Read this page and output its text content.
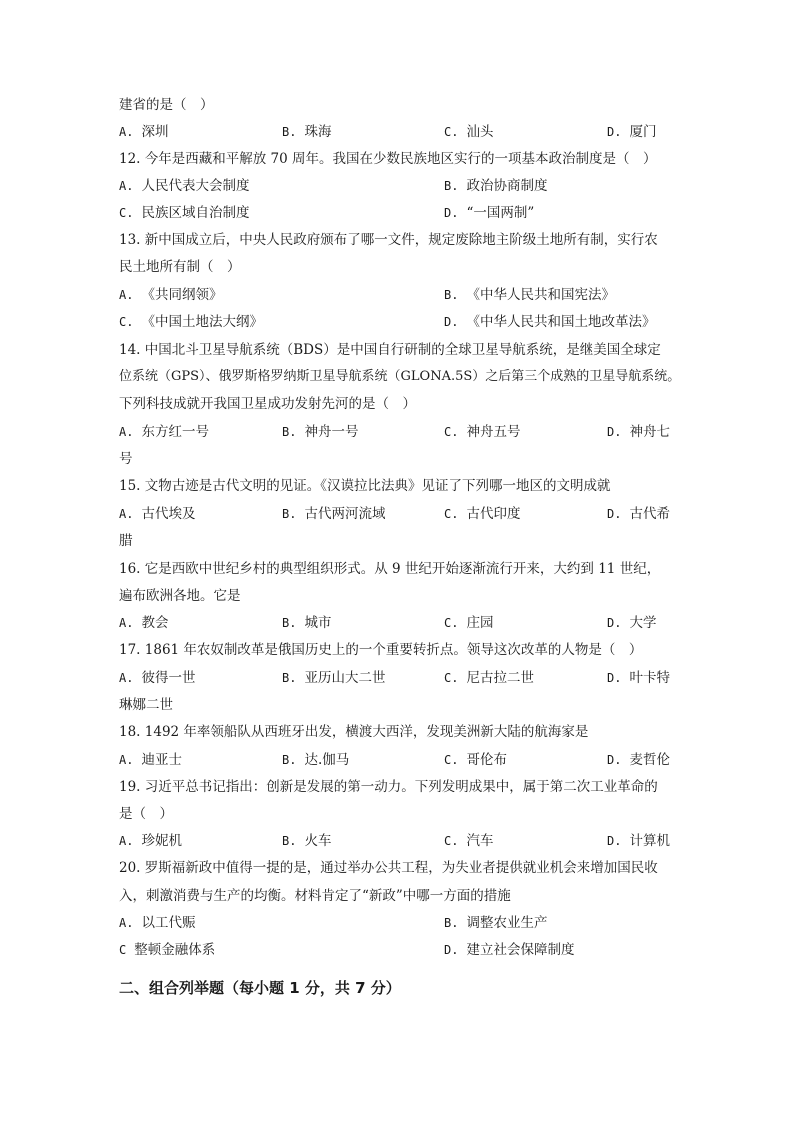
建省的是（　）
A. 深圳	B. 珠海	C. 汕头	D. 厦门
12. 今年是西藏和平解放 70 周年。我国在少数民族地区实行的一项基本政治制度是（　）
A. 人民代表大会制度	B. 政治协商制度
C. 民族区域自治制度	D. “一国两制”
13. 新中国成立后，中央人民政府颁布了哪一文件，规定废除地主阶级土地所有制，实行农
民土地所有制（　）
A. 《共同纲领》	B. 《中华人民共和国宪法》
C. 《中国土地法大纲》	D. 《中华人民共和国土地改革法》
14. 中国北斗卫星导航系统（BDS）是中国自行研制的全球卫星导航系统，是继美国全球定
位系统（GPS）、俄罗斯格罗纳斯卫星导航系统（GLONA.5S）之后第三个成熟的卫星导航系统。
下列科技成就开我国卫星成功发射先河的是（　）
A. 东方红一号	B. 神舟一号	C. 神舟五号	D. 神舟七
号
15. 文物古迹是古代文明的见证。《汉谟拉比法典》见证了下列哪一地区的文明成就
A. 古代埃及	B. 古代两河流域	C. 古代印度	D. 古代希
腊
16. 它是西欧中世纪乡村的典型组织形式。从 9 世纪开始逐渐流行开来，大约到 11 世纪，
遍布欧洲各地。它是
A. 教会	B. 城市	C. 庄园	D. 大学
17. 1861 年农奴制改革是俄国历史上的一个重要转折点。领导这次改革的人物是（　）
A. 彼得一世	B. 亚历山大二世	C. 尼古拉二世	D. 叶卡特
琳娜二世
18. 1492 年率领船队从西班牙出发，横渡大西洋，发现美洲新大陆的航海家是
A. 迪亚士	B. 达.伽马	C. 哥伦布	D. 麦哲伦
19. 习近平总书记指出：创新是发展的第一动力。下列发明成果中，属于第二次工业革命的
是（　）
A. 珍妮机	B. 火车	C. 汽车	D. 计算机
20. 罗斯福新政中值得一提的是，通过举办公共工程，为失业者提供就业机会来增加国民收
入，刺激消费与生产的均衡。材料肯定了“新政”中哪一方面的措施
A. 以工代赈	B. 调整农业生产
C 整顿金融体系	D. 建立社会保障制度
二、组合列举题（每小题 1 分，共 7 分）
